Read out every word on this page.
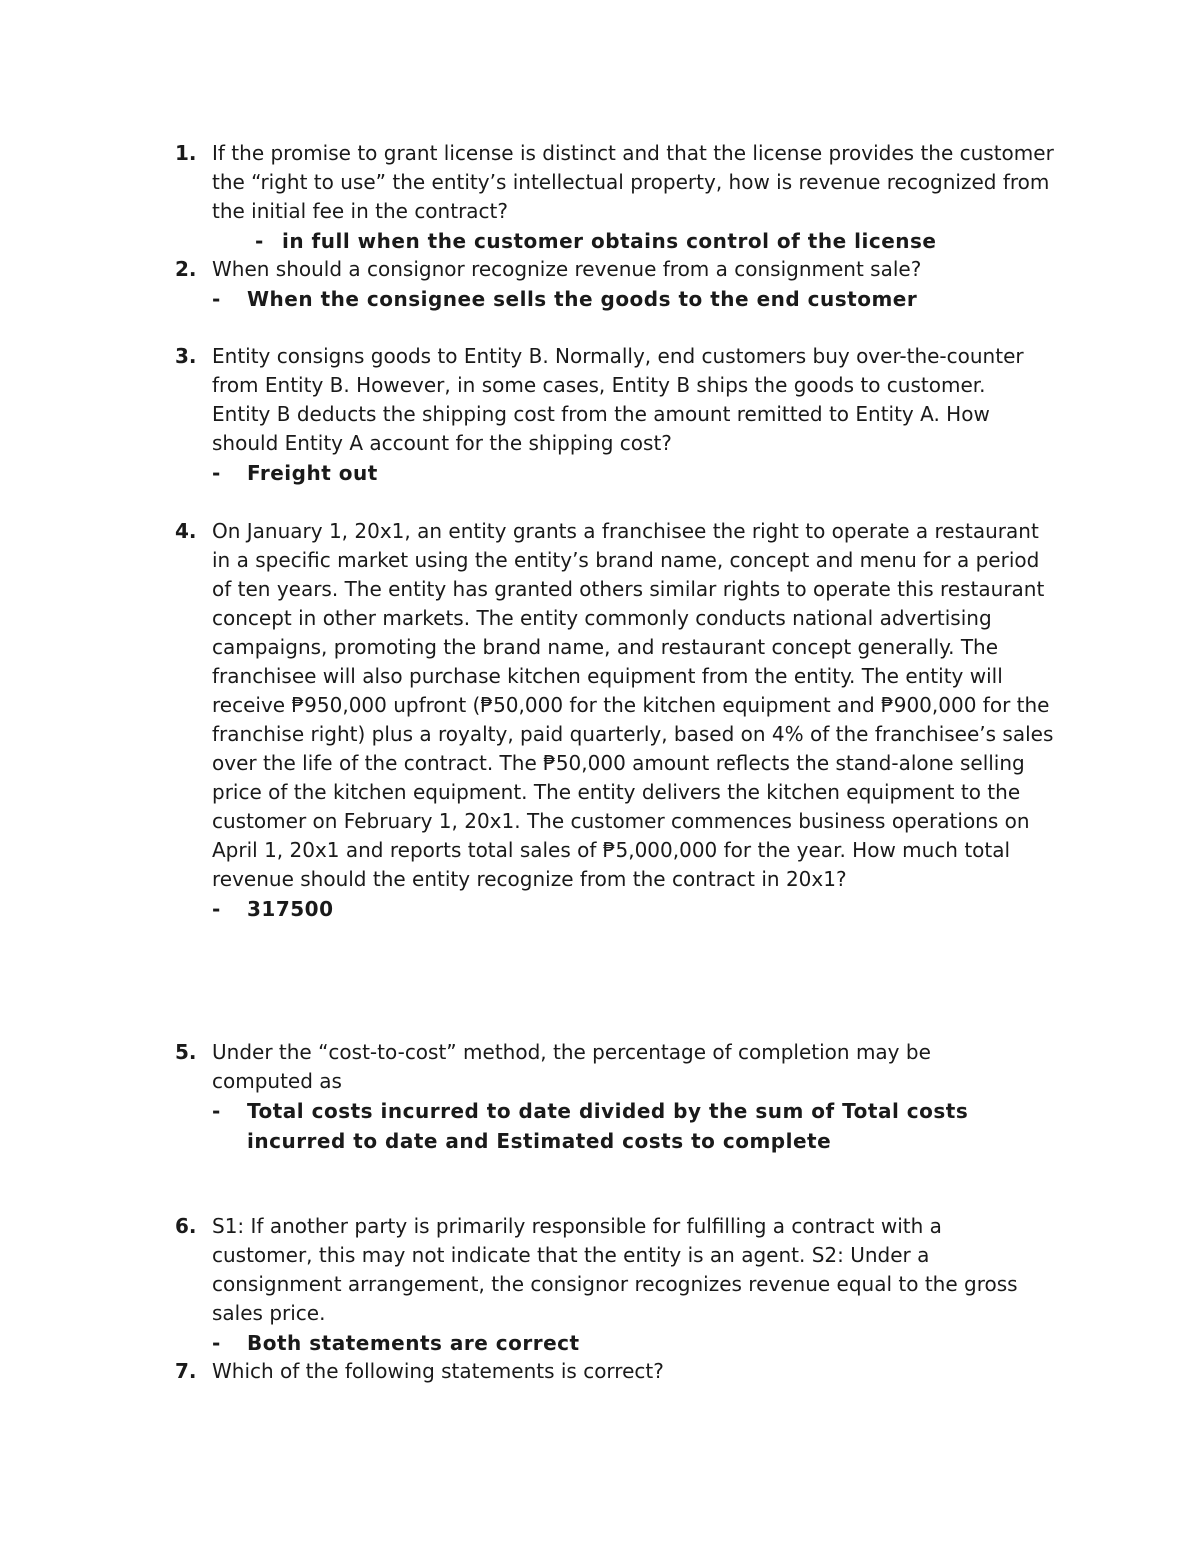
1. If the promise to grant license is distinct and that the license provides the customer the “right to use” the entity’s intellectual property, how is revenue recognized from the initial fee in the contract?
- in full when the customer obtains control of the license
2. When should a consignor recognize revenue from a consignment sale?
- When the consignee sells the goods to the end customer
3. Entity consigns goods to Entity B. Normally, end customers buy over-the-counter from Entity B. However, in some cases, Entity B ships the goods to customer. Entity B deducts the shipping cost from the amount remitted to Entity A. How should Entity A account for the shipping cost?
- Freight out
4. On January 1, 20x1, an entity grants a franchisee the right to operate a restaurant in a specific market using the entity’s brand name, concept and menu for a period of ten years. The entity has granted others similar rights to operate this restaurant concept in other markets. The entity commonly conducts national advertising campaigns, promoting the brand name, and restaurant concept generally. The franchisee will also purchase kitchen equipment from the entity. The entity will receive ₱950,000 upfront (₱50,000 for the kitchen equipment and ₱900,000 for the franchise right) plus a royalty, paid quarterly, based on 4% of the franchisee’s sales over the life of the contract. The ₱50,000 amount reflects the stand-alone selling price of the kitchen equipment. The entity delivers the kitchen equipment to the customer on February 1, 20x1. The customer commences business operations on April 1, 20x1 and reports total sales of ₱5,000,000 for the year. How much total revenue should the entity recognize from the contract in 20x1?
- 317500
5. Under the “cost-to-cost” method, the percentage of completion may be computed as
- Total costs incurred to date divided by the sum of Total costs incurred to date and Estimated costs to complete
6. S1: If another party is primarily responsible for fulfilling a contract with a customer, this may not indicate that the entity is an agent. S2: Under a consignment arrangement, the consignor recognizes revenue equal to the gross sales price.
- Both statements are correct
7. Which of the following statements is correct?
